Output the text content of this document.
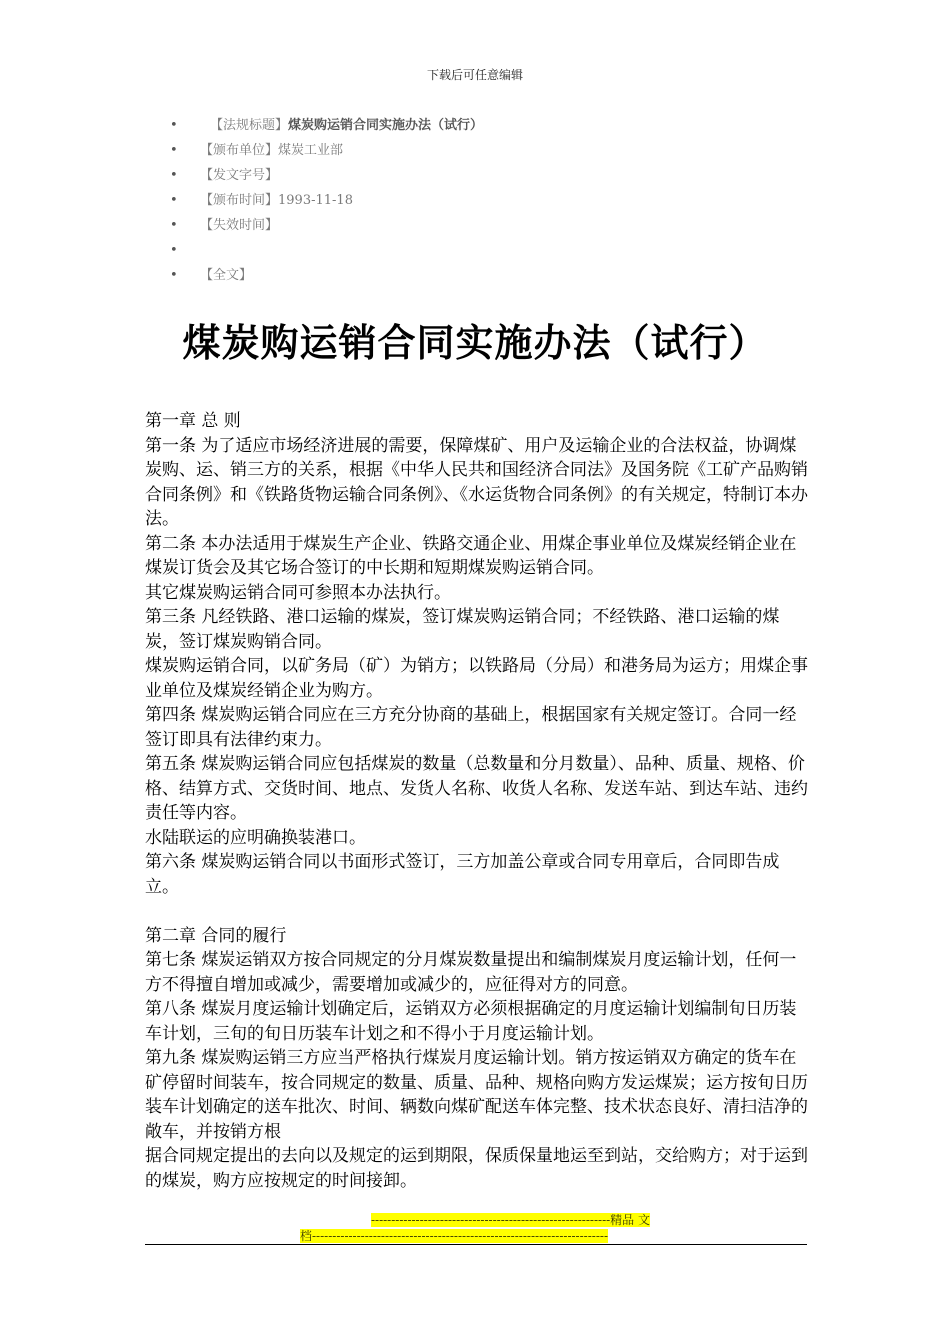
下载后可任意编辑
• 【法规标题】煤炭购运销合同实施办法（试行）
• 【颁布单位】煤炭工业部
• 【发文字号】
• 【颁布时间】1993-11-18
• 【失效时间】
•
• 【全文】
煤炭购运销合同实施办法（试行）

第一章 总 则

第一条 为了适应市场经济进展的需要，保障煤矿、用户及运输企业的合法权益，协调煤炭购、运、销三方的关系，根据《中华人民共和国经济合同法》及国务院《工矿产品购销合同条例》和《铁路货物运输合同条例》、《水运货物合同条例》的有关规定，特制订本办法。

第二条 本办法适用于煤炭生产企业、铁路交通企业、用煤企事业单位及煤炭经销企业在煤炭订货会及其它场合签订的中长期和短期煤炭购运销合同。

其它煤炭购运销合同可参照本办法执行。

第三条 凡经铁路、港口运输的煤炭，签订煤炭购运销合同；不经铁路、港口运输的煤炭，签订煤炭购销合同。

煤炭购运销合同，以矿务局（矿）为销方；以铁路局（分局）和港务局为运方；用煤企事业单位及煤炭经销企业为购方。

第四条 煤炭购运销合同应在三方充分协商的基础上，根据国家有关规定签订。合同一经签订即具有法律约束力。

第五条 煤炭购运销合同应包括煤炭的数量（总数量和分月数量）、品种、质量、规格、价格、结算方式、交货时间、地点、发货人名称、收货人名称、发送车站、到达车站、违约责任等内容。

水陆联运的应明确换装港口。

第六条 煤炭购运销合同以书面形式签订，三方加盖公章或合同专用章后，合同即告成立。

第二章 合同的履行

第七条 煤炭运销双方按合同规定的分月煤炭数量提出和编制煤炭月度运输计划，任何一方不得擅自增加或减少，需要增加或减少的，应征得对方的同意。

第八条 煤炭月度运输计划确定后，运销双方必须根据确定的月度运输计划编制旬日历装车计划，三旬的旬日历装车计划之和不得小于月度运输计划。

第九条 煤炭购运销三方应当严格执行煤炭月度运输计划。销方按运销双方确定的货车在矿停留时间装车，按合同规定的数量、质量、品种、规格向购方发运煤炭；运方按旬日历装车计划确定的送车批次、时间、辆数向煤矿配送车体完整、技术状态良好、清扫洁净的敞车，并按销方根

据合同规定提出的去向以及规定的运到期限，保质保量地运至到站，交给购方；对于运到的煤炭，购方应按规定的时间接卸。

-----------------------------------------------------------精品 文
档-------------------------------------------------------------------------
